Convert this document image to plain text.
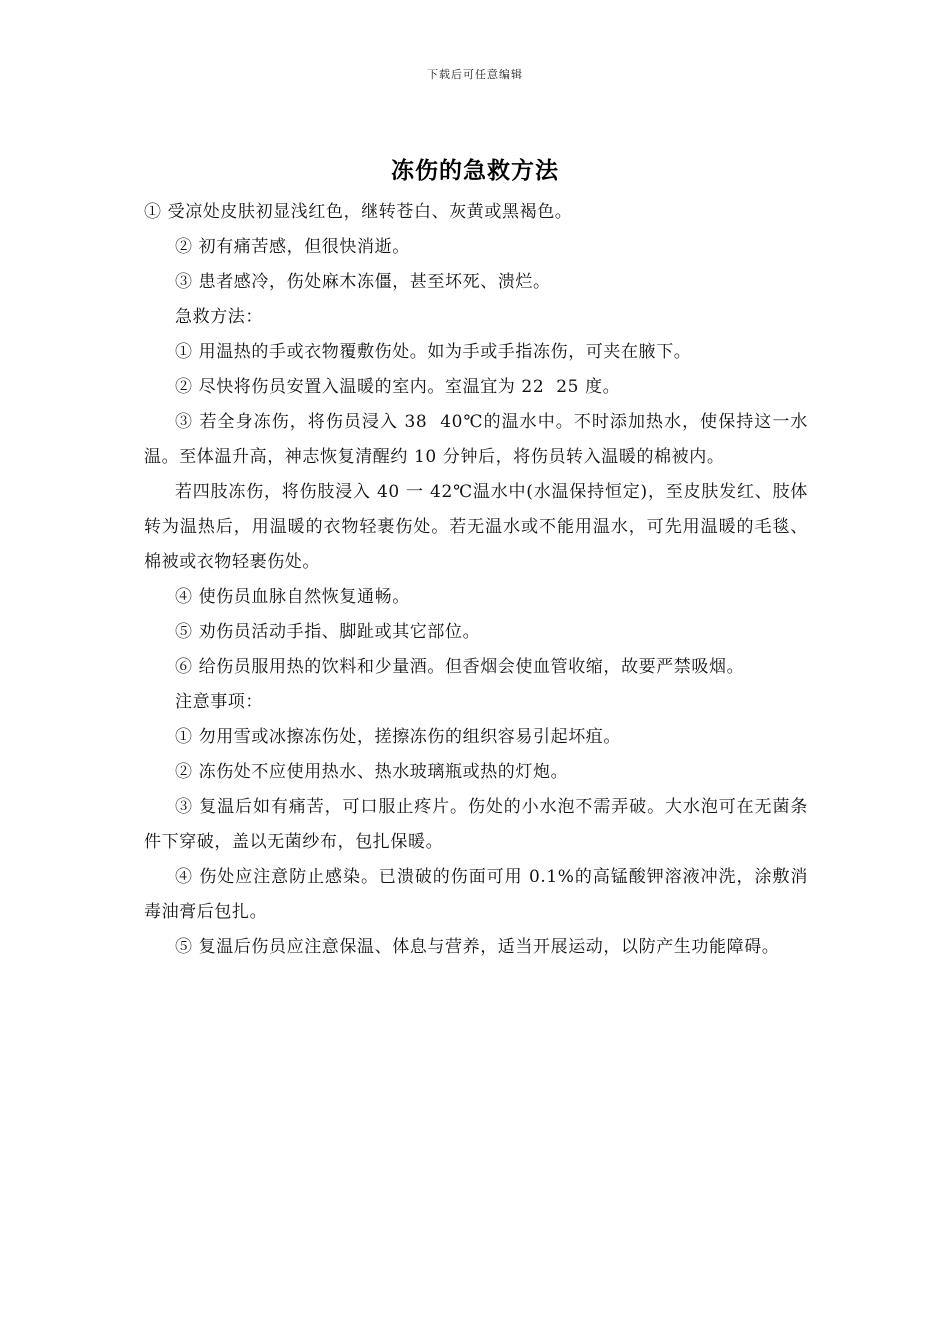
下载后可任意编辑
冻伤的急救方法

① 受凉处皮肤初显浅红色，继转苍白、灰黄或黑褐色。

② 初有痛苦感，但很快消逝。

③ 患者感冷，伤处麻木冻僵，甚至坏死、溃烂。

急救方法：

① 用温热的手或衣物覆敷伤处。如为手或手指冻伤，可夹在腋下。

② 尽快将伤员安置入温暖的室内。室温宜为 22  25 度。

③ 若全身冻伤，将伤员浸入 38  40℃的温水中。不时添加热水，使保持这一水温。至体温升高，神志恢复清醒约 10 分钟后，将伤员转入温暖的棉被内。

若四肢冻伤，将伤肢浸入 40 一 42℃温水中(水温保持恒定)，至皮肤发红、肢体转为温热后，用温暖的衣物轻裹伤处。若无温水或不能用温水，可先用温暖的毛毯、棉被或衣物轻裹伤处。

④ 使伤员血脉自然恢复通畅。

⑤ 劝伤员活动手指、脚趾或其它部位。

⑥ 给伤员服用热的饮料和少量酒。但香烟会使血管收缩，故要严禁吸烟。

注意事项：

① 勿用雪或冰擦冻伤处，搓擦冻伤的组织容易引起坏疽。

② 冻伤处不应使用热水、热水玻璃瓶或热的灯炮。

③ 复温后如有痛苦，可口服止疼片。伤处的小水泡不需弄破。大水泡可在无菌条件下穿破，盖以无菌纱布，包扎保暖。

④ 伤处应注意防止感染。已溃破的伤面可用 0.1%的高锰酸钾溶液冲洗，涂敷消毒油膏后包扎。

⑤ 复温后伤员应注意保温、体息与营养，适当开展运动，以防产生功能障碍。
